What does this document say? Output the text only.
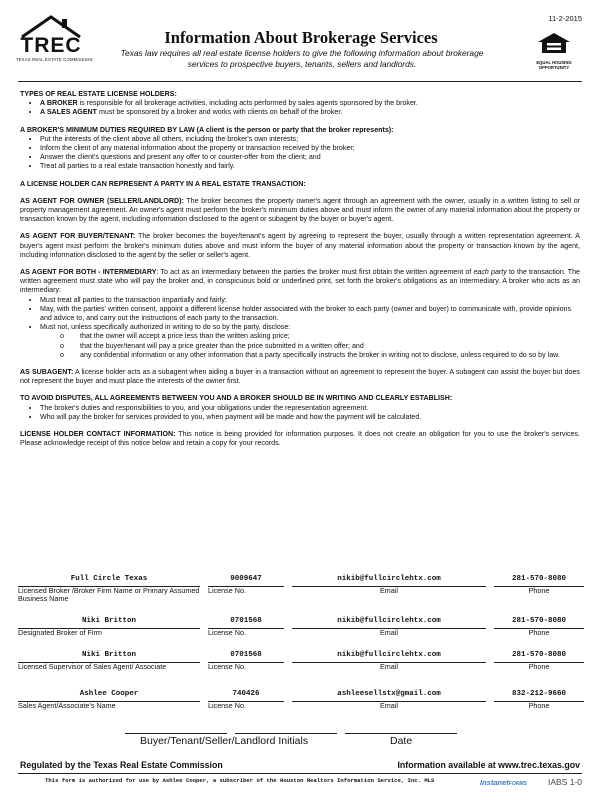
TREC
TEXAS REAL ESTATE COMMISSION
11-2-2015
EQUAL HOUSING OPPORTUNITY
Information About Brokerage Services
Texas law requires all real estate license holders to give the following information about brokerage services to prospective buyers, tenants, sellers and landlords.
TYPES OF REAL ESTATE LICENSE HOLDERS:
• A BROKER is responsible for all brokerage activities, including acts performed by sales agents sponsored by the broker.
• A SALES AGENT must be sponsored by a broker and works with clients on behalf of the broker.
A BROKER'S MINIMUM DUTIES REQUIRED BY LAW (A client is the person or party that the broker represents):
• Put the interests of the client above all others, including the broker's own interests;
• Inform the client of any material information about the property or transaction received by the broker;
• Answer the client's questions and present any offer to or counter-offer from the client; and
• Treat all parties to a real estate transaction honestly and fairly.
A LICENSE HOLDER CAN REPRESENT A PARTY IN A REAL ESTATE TRANSACTION:

AS AGENT FOR OWNER (SELLER/LANDLORD): The broker becomes the property owner's agent through an agreement with the owner, usually in a written listing to sell or property management agreement. An owner's agent must perform the broker's minimum duties above and must inform the owner of any material information about the property or transaction known by the agent, including information disclosed to the agent or subagent by the buyer or buyer's agent.

AS AGENT FOR BUYER/TENANT: The broker becomes the buyer/tenant's agent by agreeing to represent the buyer, usually through a written representation agreement. A buyer's agent must perform the broker's minimum duties above and must inform the buyer of any material information about the property or transaction known by the agent, including information disclosed to the agent by the seller or seller's agent.

AS AGENT FOR BOTH - INTERMEDIARY: To act as an intermediary between the parties the broker must first obtain the written agreement of each party to the transaction. The written agreement must state who will pay the broker and, in conspicuous bold or underlined print, set forth the broker's obligations as an intermediary. A broker who acts as an intermediary:

• Must treat all parties to the transaction impartially and fairly;
• May, with the parties' written consent, appoint a different license holder associated with the broker to each party (owner and buyer) to communicate with, provide opinions and advice to, and carry out the instructions of each party to the transaction.
• Must not, unless specifically authorized in writing to do so by the party, disclose:
o that the owner will accept a price less than the written asking price;
o that the buyer/tenant will pay a price greater than the price submitted in a written offer; and
o any confidential information or any other information that a party specifically instructs the broker in writing not to disclose, unless required to do so by law.

AS SUBAGENT: A license holder acts as a subagent when aiding a buyer in a transaction without an agreement to represent the buyer. A subagent can assist the buyer but does not represent the buyer and must place the interests of the owner first.

TO AVOID DISPUTES, ALL AGREEMENTS BETWEEN YOU AND A BROKER SHOULD BE IN WRITING AND CLEARLY ESTABLISH:
• The broker's duties and responsibilities to you, and your obligations under the representation agreement.
• Who will pay the broker for services provided to you, when payment will be made and how the payment will be calculated.

LICENSE HOLDER CONTACT INFORMATION: This notice is being provided for information purposes. It does not create an obligation for you to use the broker's services. Please acknowledge receipt of this notice below and retain a copy for your records.

Full Circle Texas	9009647	nikib@fullcirclehtx.com	281-570-8080
Licensed Broker /Broker Firm Name or Primary Assumed Business Name
License No.	Email	Phone
Niki Britton	0701568	nikib@fullcirclehtx.com	281-570-8080
Designated Broker of Firm	License No.	Email	Phone
Niki Britton	0701568	nikib@fullcirclehtx.com	281-570-8080
Licensed Supervisor of Sales Agent/ Associate	License No.	Email	Phone
Ashlee Cooper	740426	ashleesellstx@gmail.com	832-212-9660
Sales Agent/Associate's Name	License No.	Email	Phone
Buyer/Tenant/Seller/Landlord Initials	Date
Regulated by the Texas Real Estate Commission	Information available at www.trec.texas.gov
This form is authorized for use by Ashlee Cooper, a subscriber of the Houston Realtors Information Service, Inc. MLS	InstanetFORMS IABS 1-0
